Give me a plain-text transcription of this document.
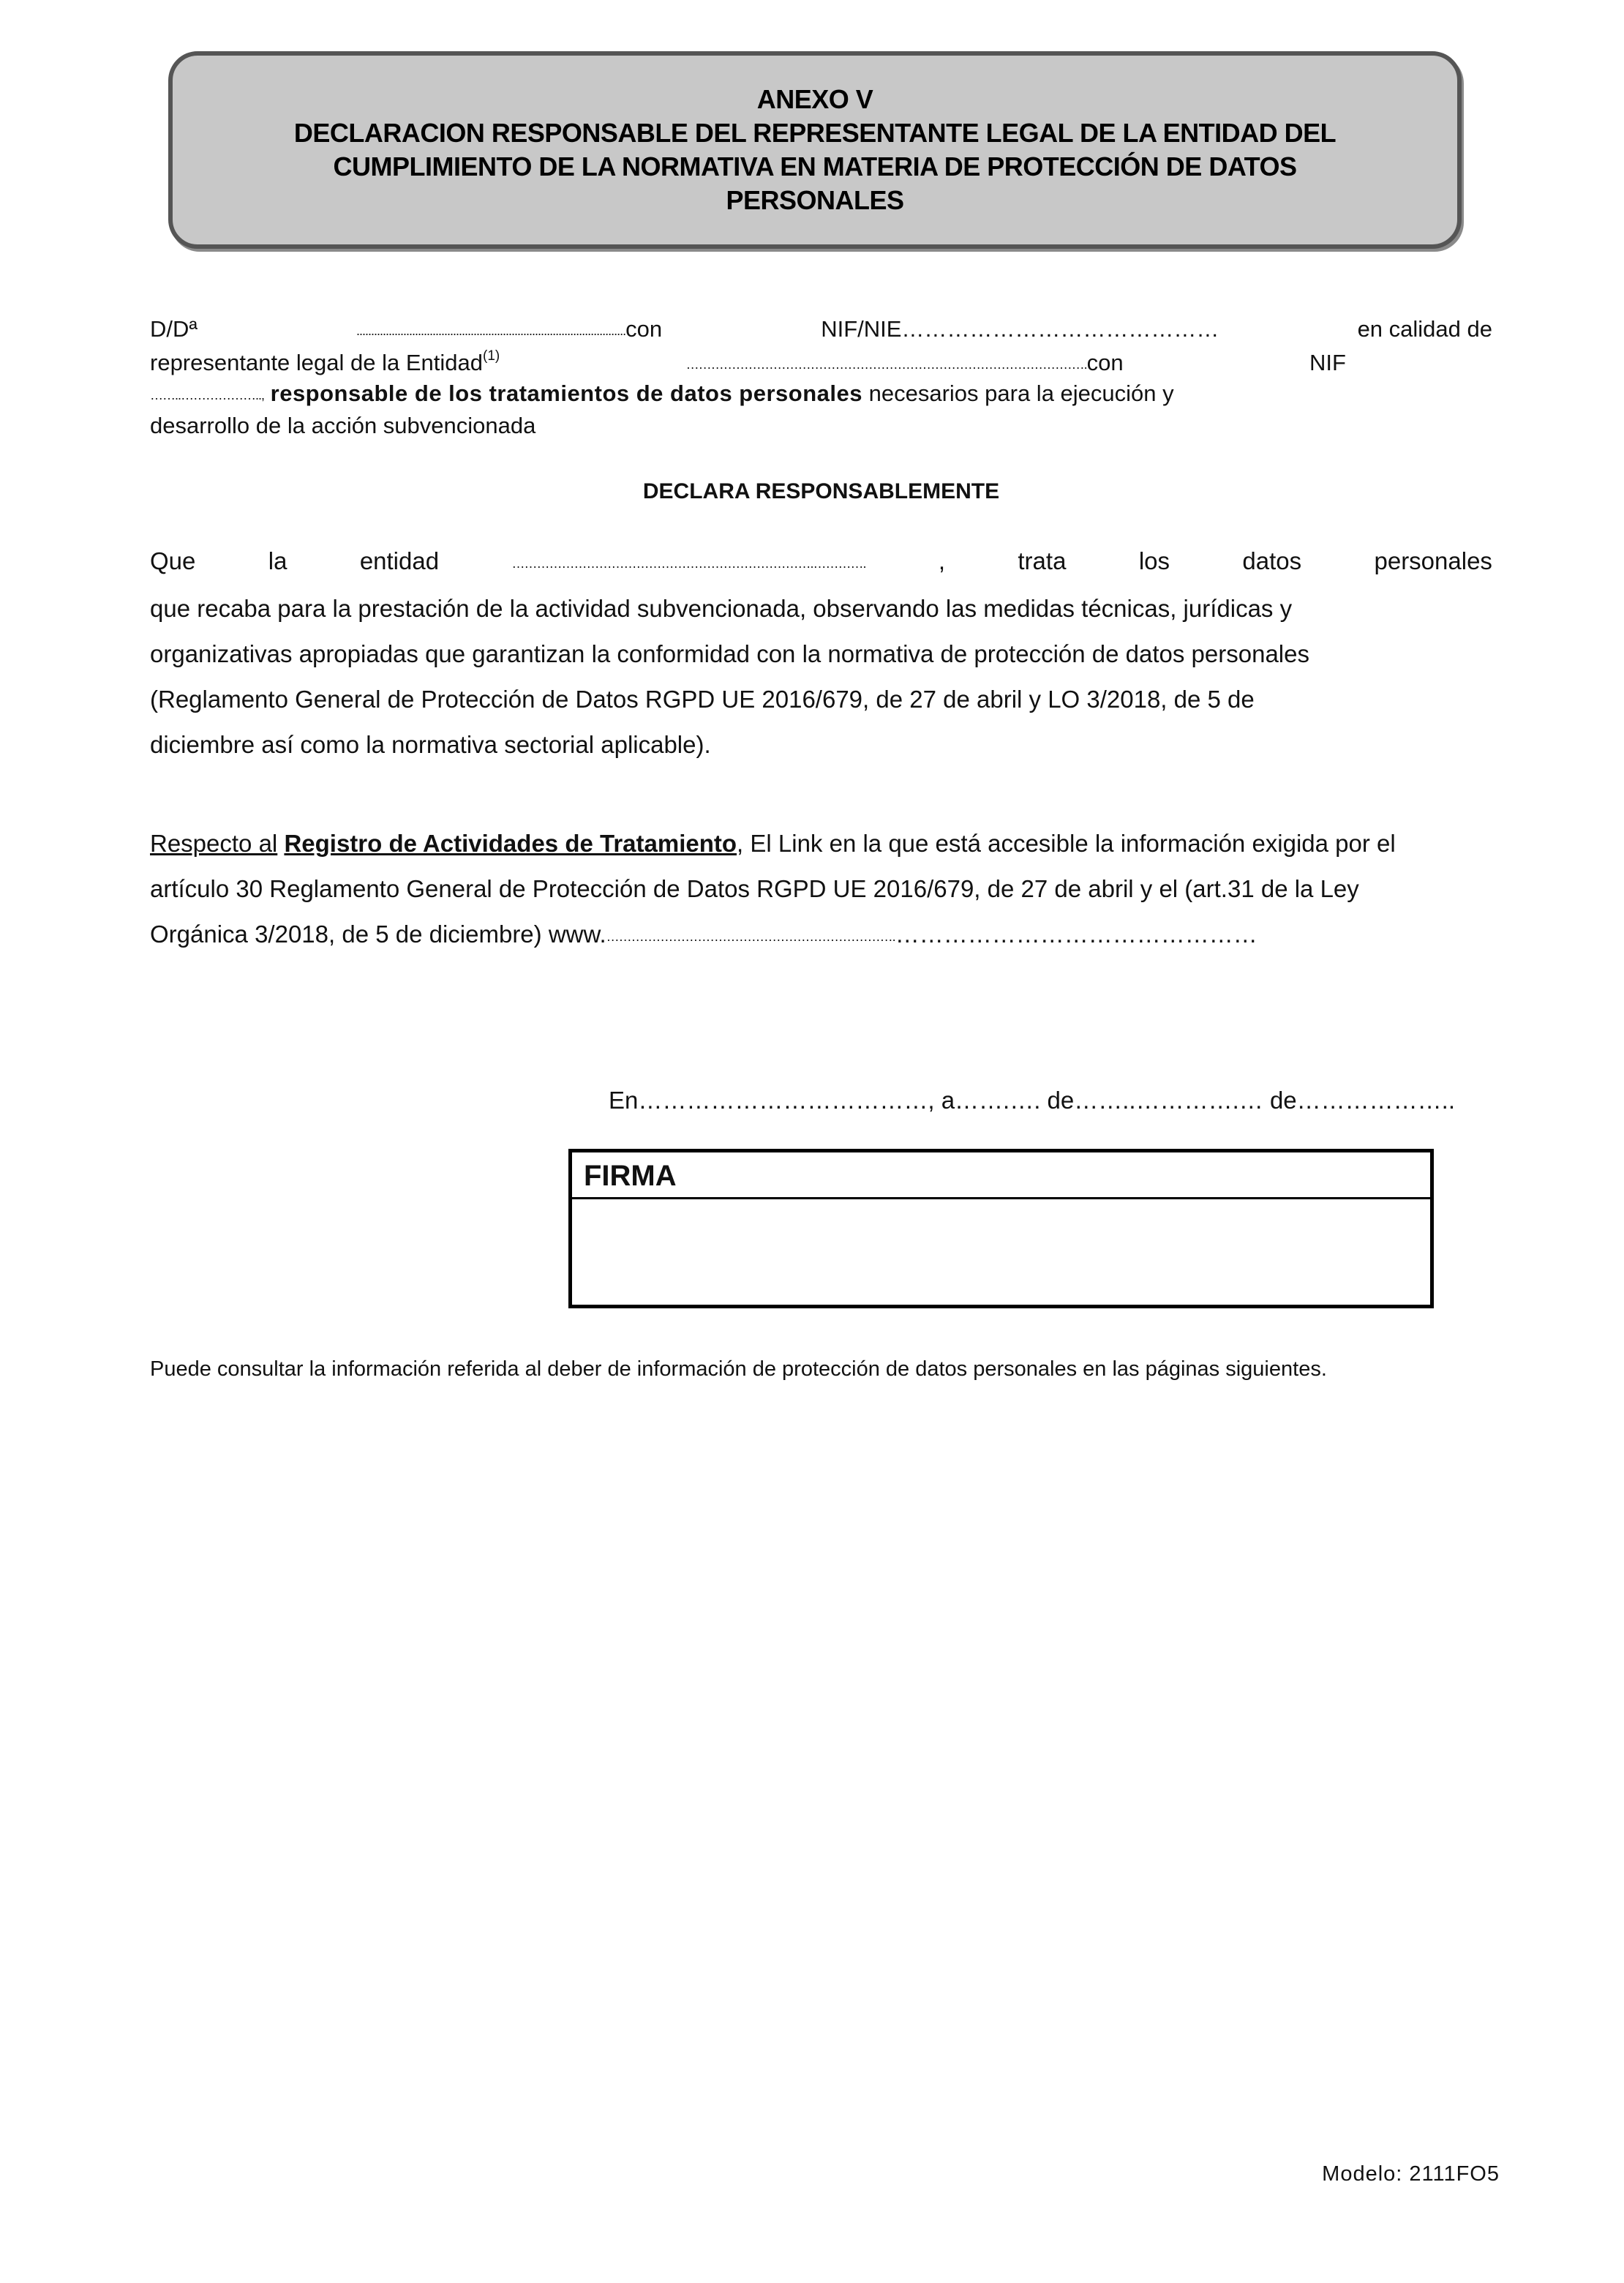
ANEXO V
DECLARACION RESPONSABLE DEL REPRESENTANTE LEGAL DE LA ENTIDAD DEL
CUMPLIMIENTO DE LA NORMATIVA EN MATERIA DE PROTECCIÓN DE DATOS
PERSONALES
D/Dª	............................................................................................con	NIF/NIE……………………………………	en calidad de
representante legal de la Entidad$^{(1)}$
…………………………………………………………………………………….con	NIF
……..……………….., responsable de los tratamientos de datos personales necesarios para la ejecución y
desarrollo de la acción subvencionada
DECLARA RESPONSABLEMENTE
Que	la	entidad	……………………………………………………………….………….	,	trata	los	datos	personales
que recaba para la prestación de la actividad subvencionada, observando las medidas técnicas, jurídicas y
organizativas apropiadas que garantizan la conformidad con la normativa de protección de datos personales
(Reglamento General de Protección de Datos RGPD UE 2016/679, de 27 de abril y LO 3/2018, de 5 de
diciembre así como la normativa sectorial aplicable).
Respecto al Registro de Actividades de Tratamiento, El Link en la que está accesible la información exigida por el
artículo 30 Reglamento General de Protección de Datos RGPD UE 2016/679, de 27 de abril y el (art.31 de la Ley
Orgánica 3/2018, de 5 de diciembre) www.…………………………………………………………….………………………………………
En………………………………, a…….…. de……..………….… de………………..
FIRMA
Puede consultar la información referida al deber de información de protección de datos personales en las páginas siguientes.
Modelo: 2111FO5
